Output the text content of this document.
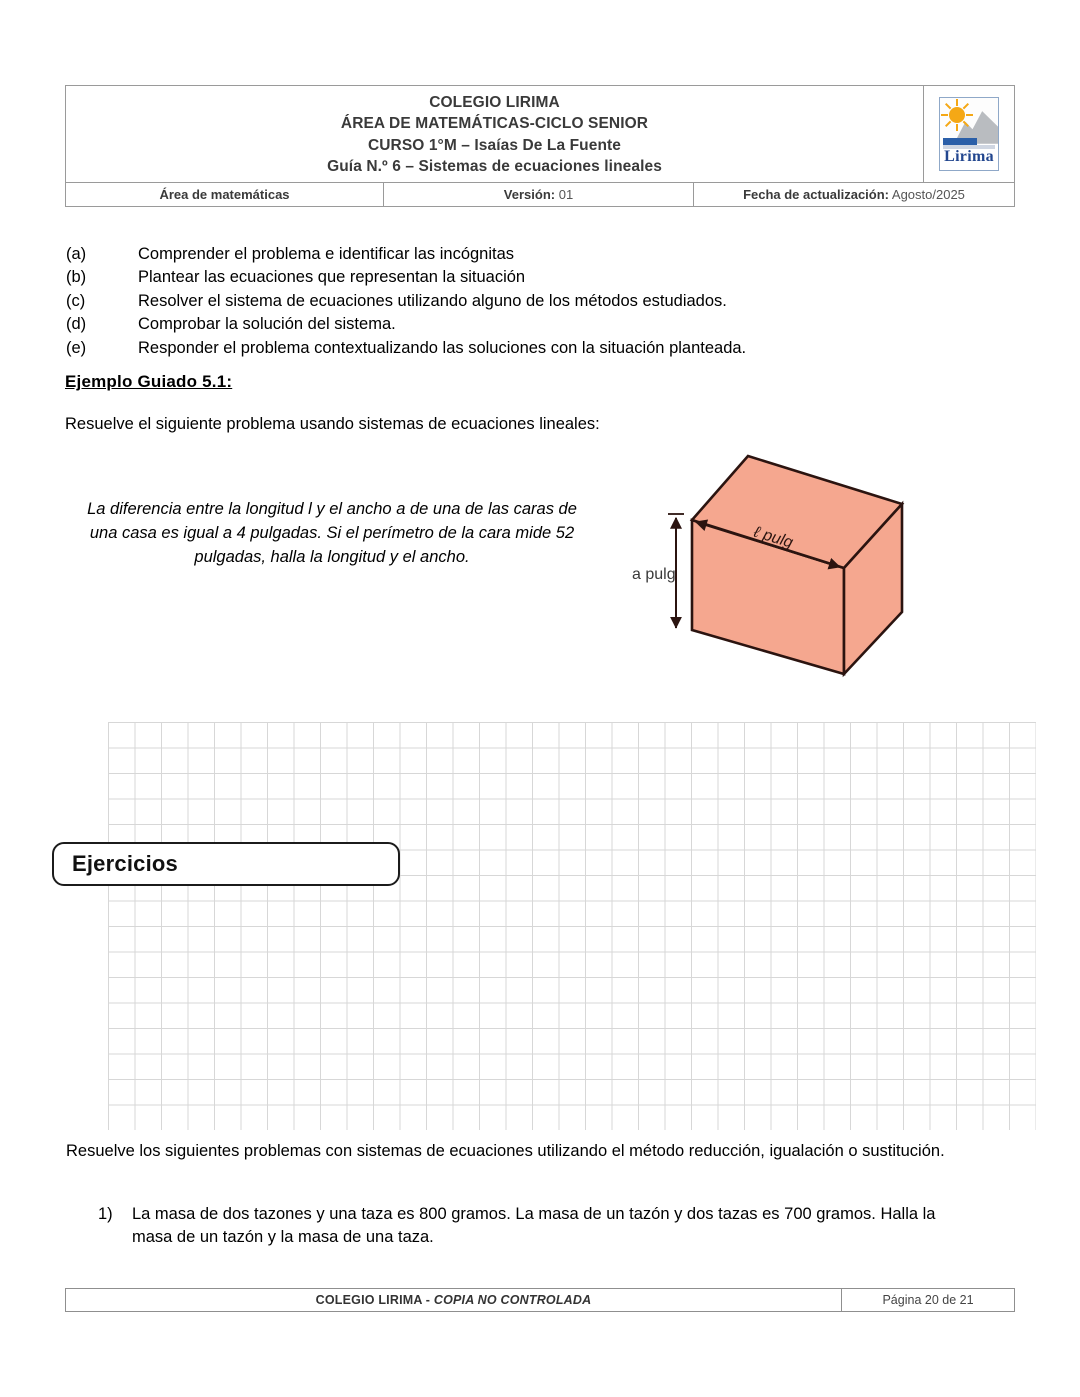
COLEGIO LIRIMA
ÁREA DE MATEMÁTICAS-CICLO SENIOR
CURSO 1°M – Isaías De La Fuente
Guía N.º 6 – Sistemas de ecuaciones lineales
Lirima
Área de matemáticas	Versión: 01	Fecha de actualización: Agosto/2025
(a)	Comprender el problema e identificar las incógnitas
(b)	Plantear las ecuaciones que representan la situación
(c)	Resolver el sistema de ecuaciones utilizando alguno de los métodos estudiados.
(d)	Comprobar la solución del sistema.
(e)	Responder el problema contextualizando las soluciones con la situación planteada.
Ejemplo Guiado 5.1:
Resuelve el siguiente problema usando sistemas de ecuaciones lineales:
La diferencia entre la longitud l y el ancho a de una de las caras de una casa es igual a 4 pulgadas. Si el perímetro de la cara mide 52 pulgadas, halla la longitud y el ancho.
ℓ pulg
a pulg
Ejercicios
Resuelve los siguientes problemas con sistemas de ecuaciones utilizando el método reducción, igualación o sustitución.
1)	La masa de dos tazones y una taza es 800 gramos. La masa de un tazón y dos tazas es 700 gramos. Halla la masa de un tazón y la masa de una taza.
COLEGIO LIRIMA -
COPIA NO CONTROLADA	Página 20 de 21
